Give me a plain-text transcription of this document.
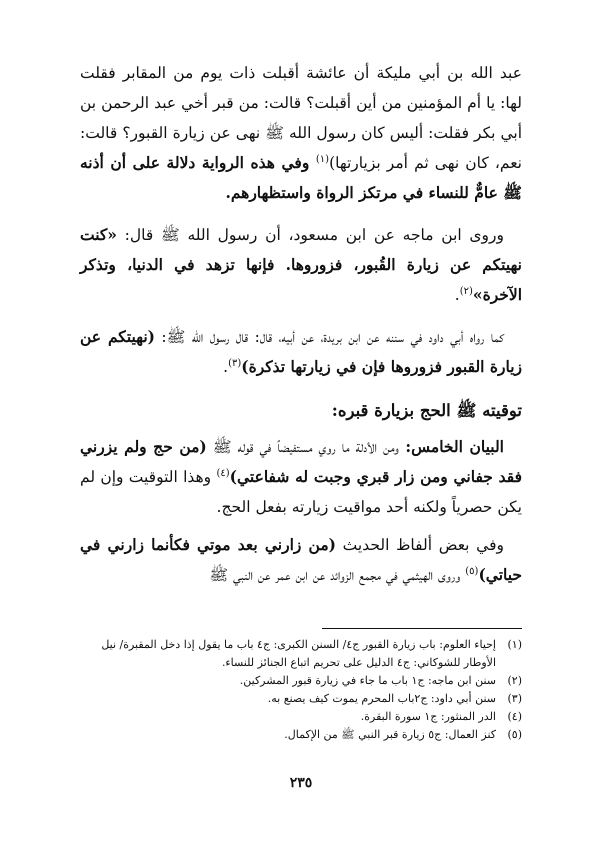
عبد الله بن أبي مليكة أن عائشة أقبلت ذات يوم من المقابر فقلت لها: يا أم المؤمنين من أين أقبلت؟ قالت: من قبر أخي عبد الرحمن بن أبي بكر فقلت: أليس كان رسول الله ﷺ نهى عن زيارة القبور؟ قالت: نعم، كان نهى ثم أمر بزيارتها)$^{(١)}$ وفي هذه الرواية دلالة على أن أذنه ﷺ عامٌّ للنساء في مرتكز الرواة واستظهارهم.

وروى ابن ماجه عن ابن مسعود، أن رسول الله ﷺ قال: «كنت نهيتكم عن زيارة القُبور، فزوروها. فإنها تزهد في الدنيا، وتذكر الآخرة»$^{(٢)}$.

كما رواه أبي داود في سننه عن ابن بريدة، عن أبيه، قال: قال رسول الله ﷺ: (نهيتكم عن زيارة القبور فزوروها فإن في زيارتها تذكرة)$^{(٣)}$.

توقيته ﷺ الحج بزيارة قبره:

البيان الخامس: ومن الأدلة ما روي مستفيضاً في قوله ﷺ (من حج ولم يزرني فقد جفاني ومن زار قبري وجبت له شفاعتي)$^{(٤)}$ وهذا التوقيت وإن لم يكن حصرياً ولكنه أحد مواقيت زيارته بفعل الحج.

وفي بعض ألفاظ الحديث (من زارني بعد موتي فكأنما زارني في حياتي)$^{(٥)}$ وروى الهيثمي في مجمع الزوائد عن ابن عمر عن النبي ﷺ

(١)
إحياء العلوم: باب زيارة القبور ج٤/ السنن الكبرى: ج٤ باب ما يقول إذا دخل المقبرة/ نيل الأوطار للشوكاني: ج٤ الدليل على تحريم اتباع الجنائز للنساء.
(٢)
سنن ابن ماجه: ج١ باب ما جاء في زيارة قبور المشركين.
(٣)
سنن أبي داود: ج٢باب المحرم يموت كيف يصنع به.
(٤)
الدر المنثور: ج١ سورة البقرة.
(٥)
كنز العمال: ج٥ زيارة قبر النبي ﷺ من الإكمال.
٢٣٥
